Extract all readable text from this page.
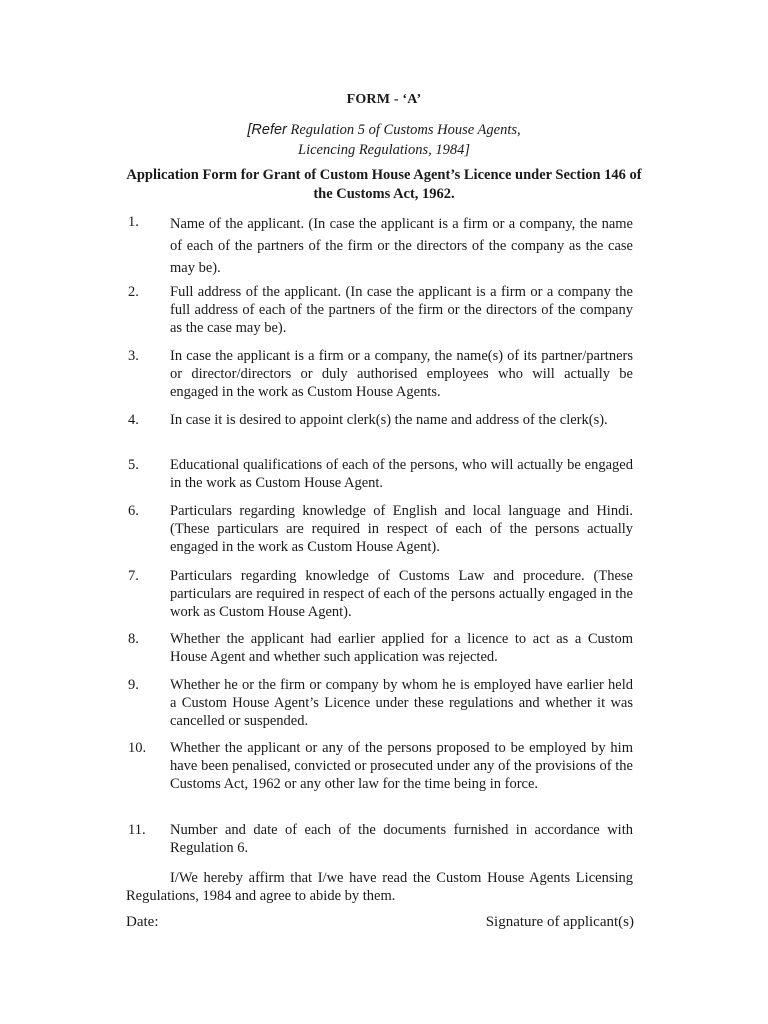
FORM - ‘A’
[Refer Regulation 5 of Customs House Agents,
Licencing Regulations, 1984]
Application Form for Grant of Custom House Agent’s Licence under Section 146 of the Customs Act, 1962.
1.	Name of the applicant. (In case the applicant is a firm or a company, the name of each of the partners of the firm or the directors of the company as the case may be).
2.	Full address of the applicant. (In case the applicant is a firm or a company the full address of each of the partners of the firm or the directors of the company as the case may be).
3.	In case the applicant is a firm or a company, the name(s) of its partner/partners or director/directors or duly authorised employees who will actually be engaged in the work as Custom House Agents.
4.	In case it is desired to appoint clerk(s) the name and address of the clerk(s).
5.	Educational qualifications of each of the persons, who will actually be engaged in the work as Custom House Agent.
6.	Particulars regarding knowledge of English and local language and Hindi. (These particulars are required in respect of each of the persons actually engaged in the work as Custom House Agent).
7.	Particulars regarding knowledge of Customs Law and procedure. (These particulars are required in respect of each of the persons actually engaged in the work as Custom House Agent).
8.	Whether the applicant had earlier applied for a licence to act as a Custom House Agent and whether such application was rejected.
9.	Whether he or the firm or company by whom he is employed have earlier held a Custom House Agent’s Licence under these regulations and whether it was cancelled or suspended.
10.	Whether the applicant or any of the persons proposed to be employed by him have been penalised, convicted or prosecuted under any of the provisions of the Customs Act, 1962 or any other law for the time being in force.
11.	Number and date of each of the documents furnished in accordance with Regulation 6.
I/We hereby affirm that I/we have read the Custom House Agents Licensing Regulations, 1984 and agree to abide by them.
Date:	Signature of applicant(s)
